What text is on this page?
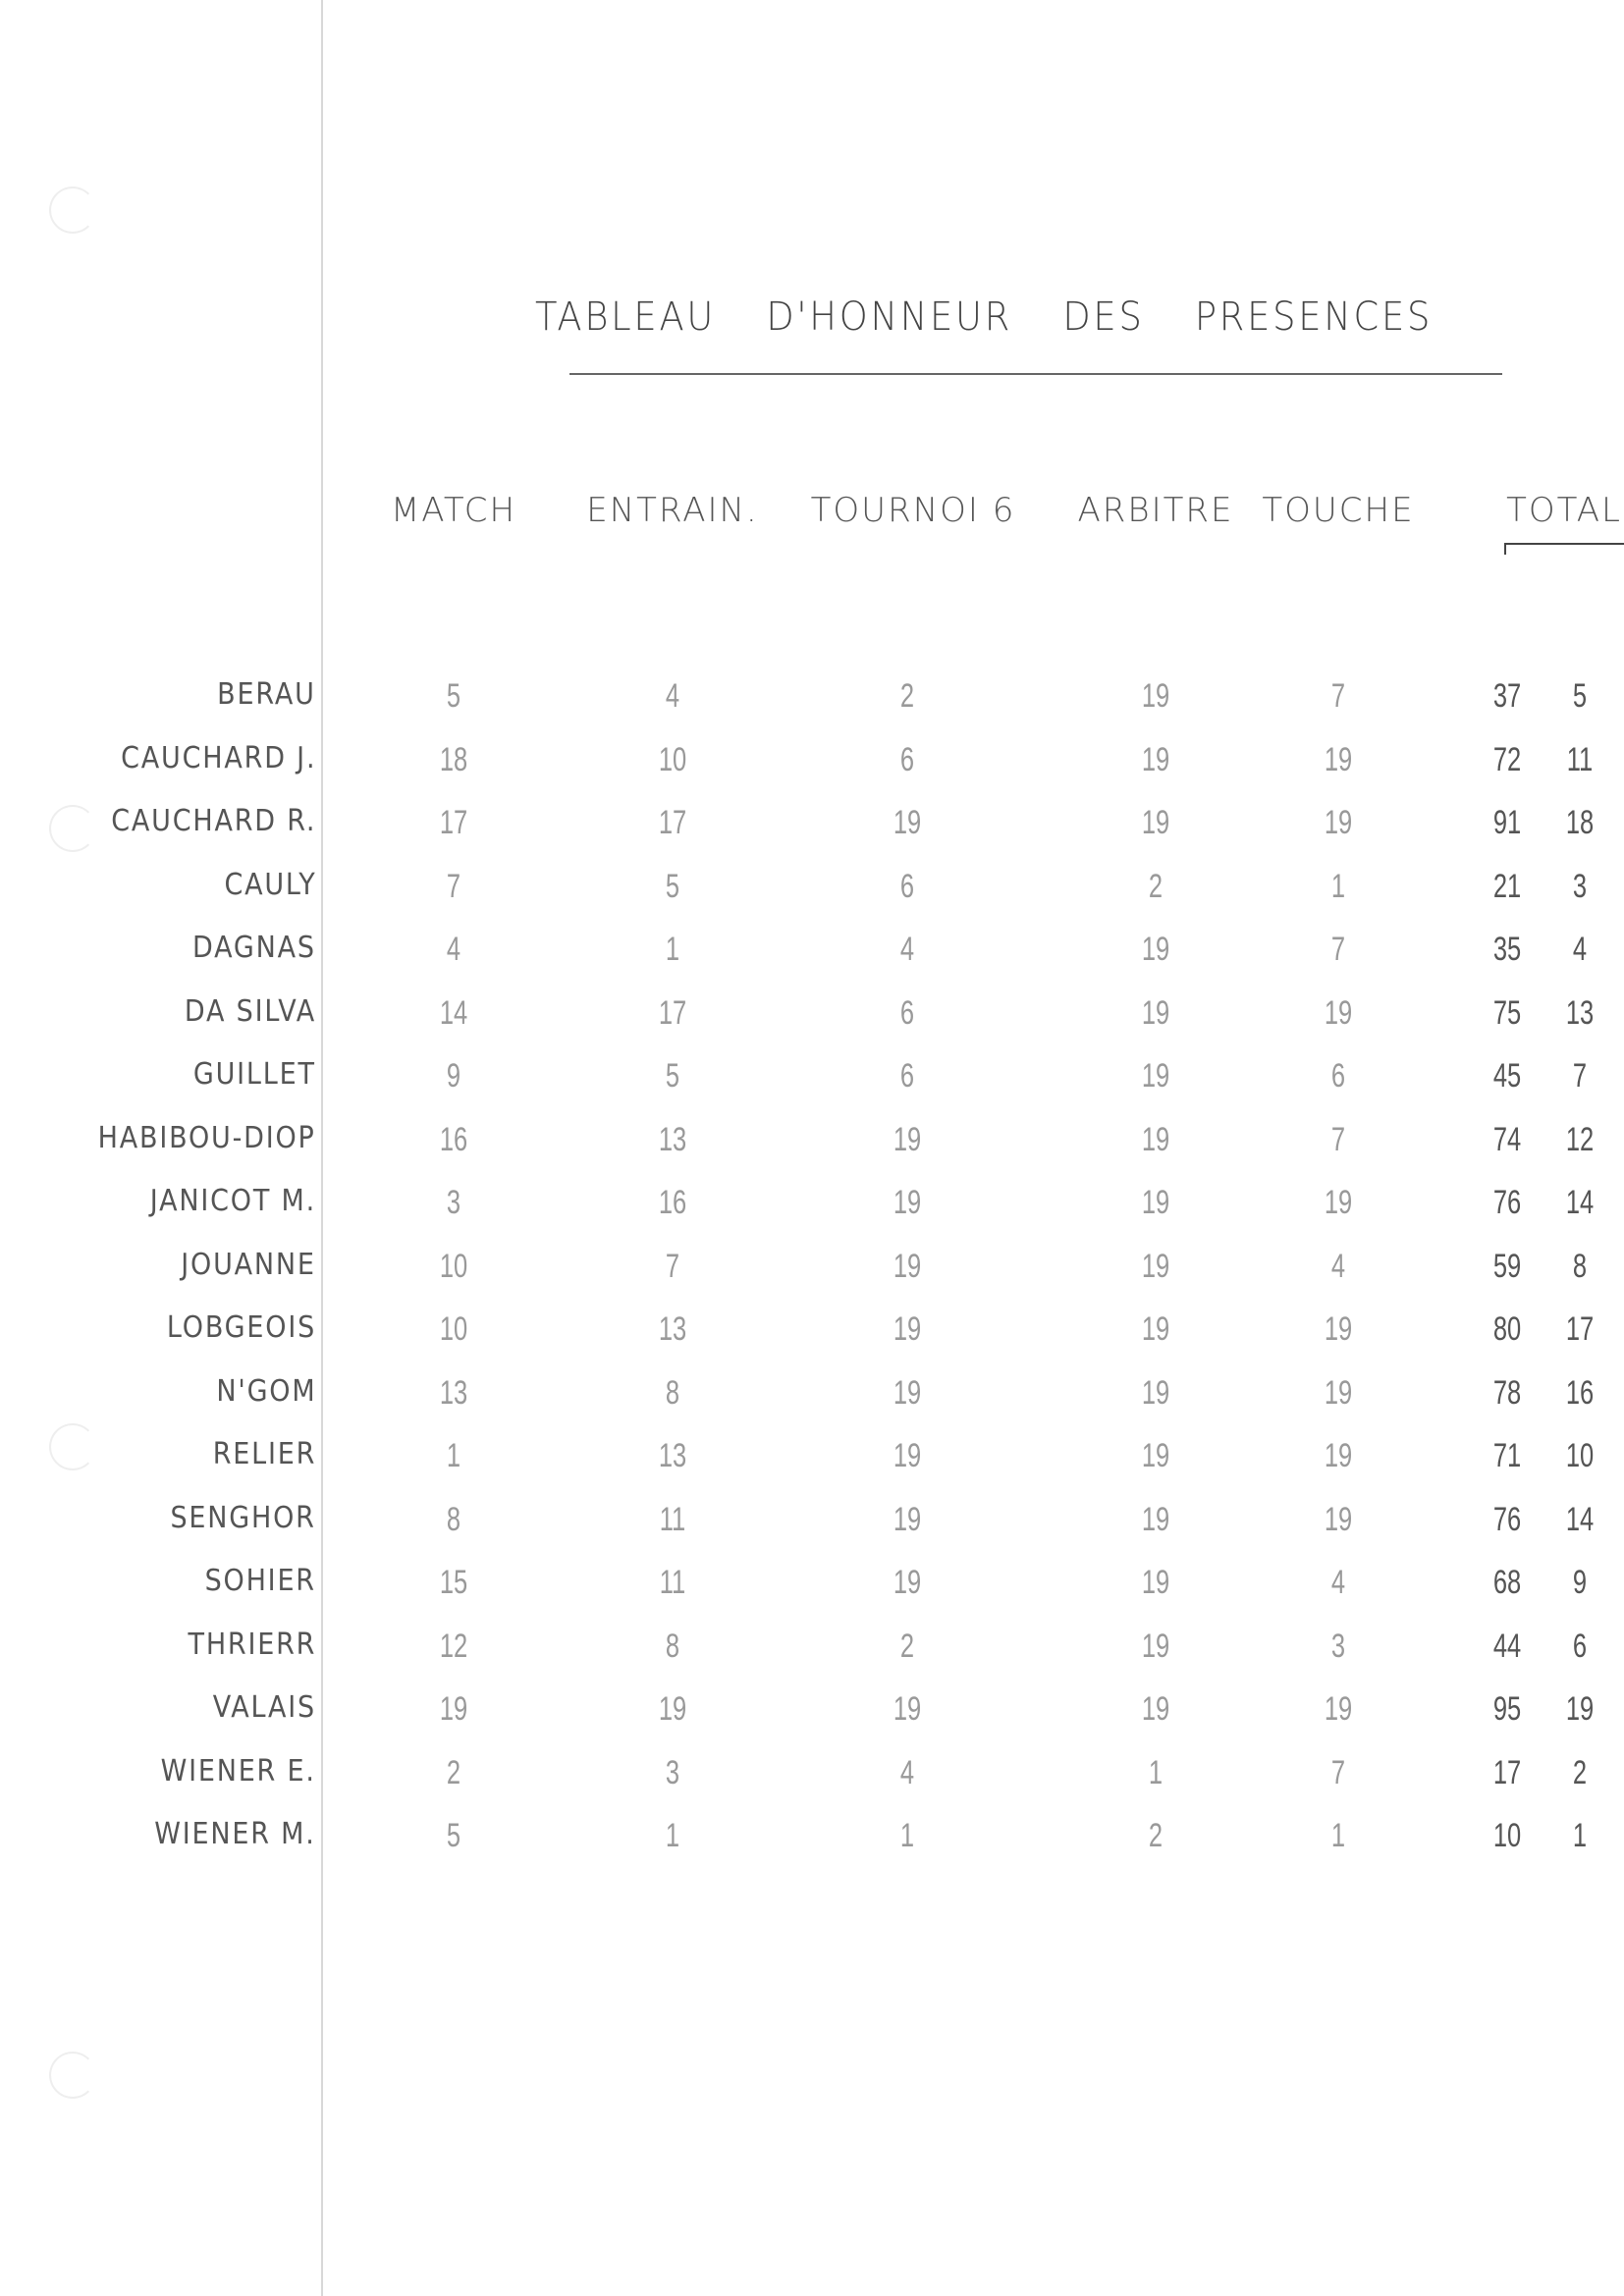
TABLEAU D'HONNEUR DES PRESENCES
MATCH ENTRAIN. TOURNOI 6 ARBITRE TOUCHE	TOTAL
BERAU	5	4	2	19	7	37 5
CAUCHARD J.	18	10	6	19	19	72 11
CAUCHARD R.	17	17	19	19	19	91 18
CAULY	7	5	6	2	1	21 3
DAGNAS	4	1	4	19	7	35 4
DA SILVA	14	17	6	19	19	75 13
GUILLET	9	5	6	19	6	45 7
HABIBOU-DIOP	16	13	19	19	7	74 12
JANICOT M.	3	16	19	19	19	76 14
JOUANNE	10	7	19	19	4	59 8
LOBGEOIS	10	13	19	19	19	80 17
N'GOM	13	8	19	19	19	78 16
RELIER	1	13	19	19	19	71 10
SENGHOR	8	11	19	19	19	76 14
SOHIER	15	11	19	19	4	68 9
THRIERR	12	8	2	19	3	44 6
VALAIS	19	19	19	19	19	95 19
WIENER E.	2	3	4	1	7	17 2
WIENER M.	5	1	1	2	1	10 1
